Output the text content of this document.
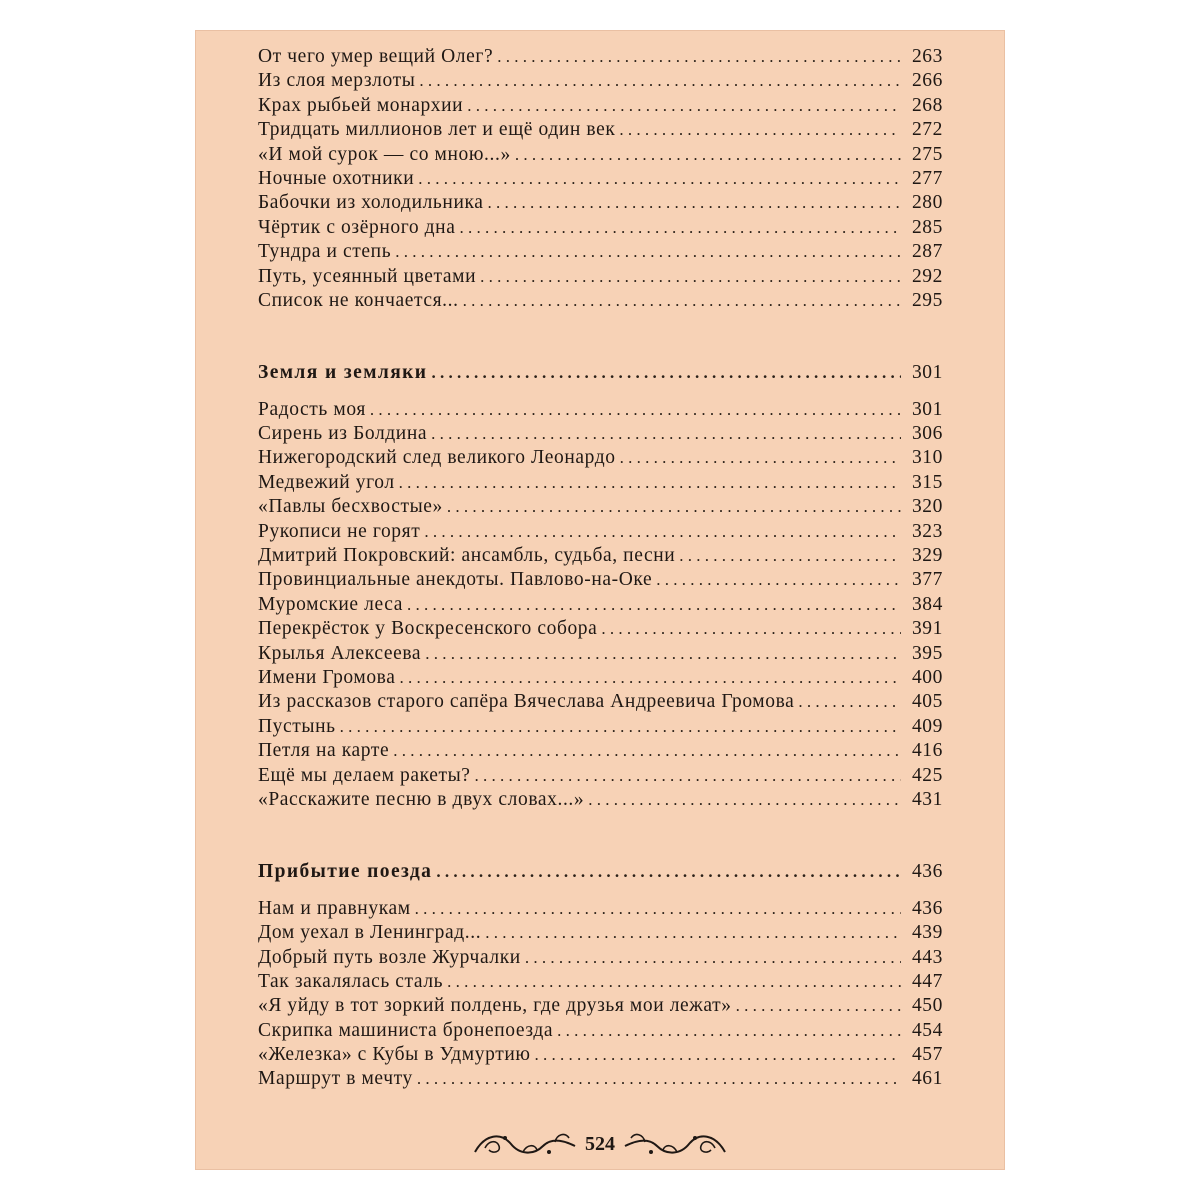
От чего умер вещий Олег? . . .	263
Из слоя мерзлоты . . .	266
Крах рыбьей монархии . . .	268
Тридцать миллионов лет и ещё один век . . .	272
«И мой сурок — со мною...» . . .	275
Ночные охотники . . .	277
Бабочки из холодильника . . .	280
Чёртик с озёрного дна . . .	285
Тундра и степь . . .	287
Путь, усеянный цветами . . .	292
Список не кончается... . . .	295
Земля и земляки . . .	301
Радость моя . . .	301
Сирень из Болдина . . .	306
Нижегородский след великого Леонардо . . .	310
Медвежий угол . . .	315
«Павлы бесхвостые» . . .	320
Рукописи не горят . . .	323
Дмитрий Покровский: ансамбль, судьба, песни . . .	329
Провинциальные анекдоты. Павлово-на-Оке . . .	377
Муромские леса . . .	384
Перекрёсток у Воскресенского собора . . .	391
Крылья Алексеева . . .	395
Имени Громова . . .	400
Из рассказов старого сапёра Вячеслава Андреевича Громова . . .	405
Пустынь . . .	409
Петля на карте . . .	416
Ещё мы делаем ракеты? . . .	425
«Расскажите песню в двух словах...» . . .	431
Прибытие поезда . . .	436
Нам и правнукам . . .	436
Дом уехал в Ленинград... . . .	439
Добрый путь возле Журчалки . . .	443
Так закалялась сталь . . .	447
«Я уйду в тот зоркий полдень, где друзья мои лежат» . . .	450
Скрипка машиниста бронепоезда . . .	454
«Железка» с Кубы в Удмуртию . . .	457
Маршрут в мечту . . .	461
524
